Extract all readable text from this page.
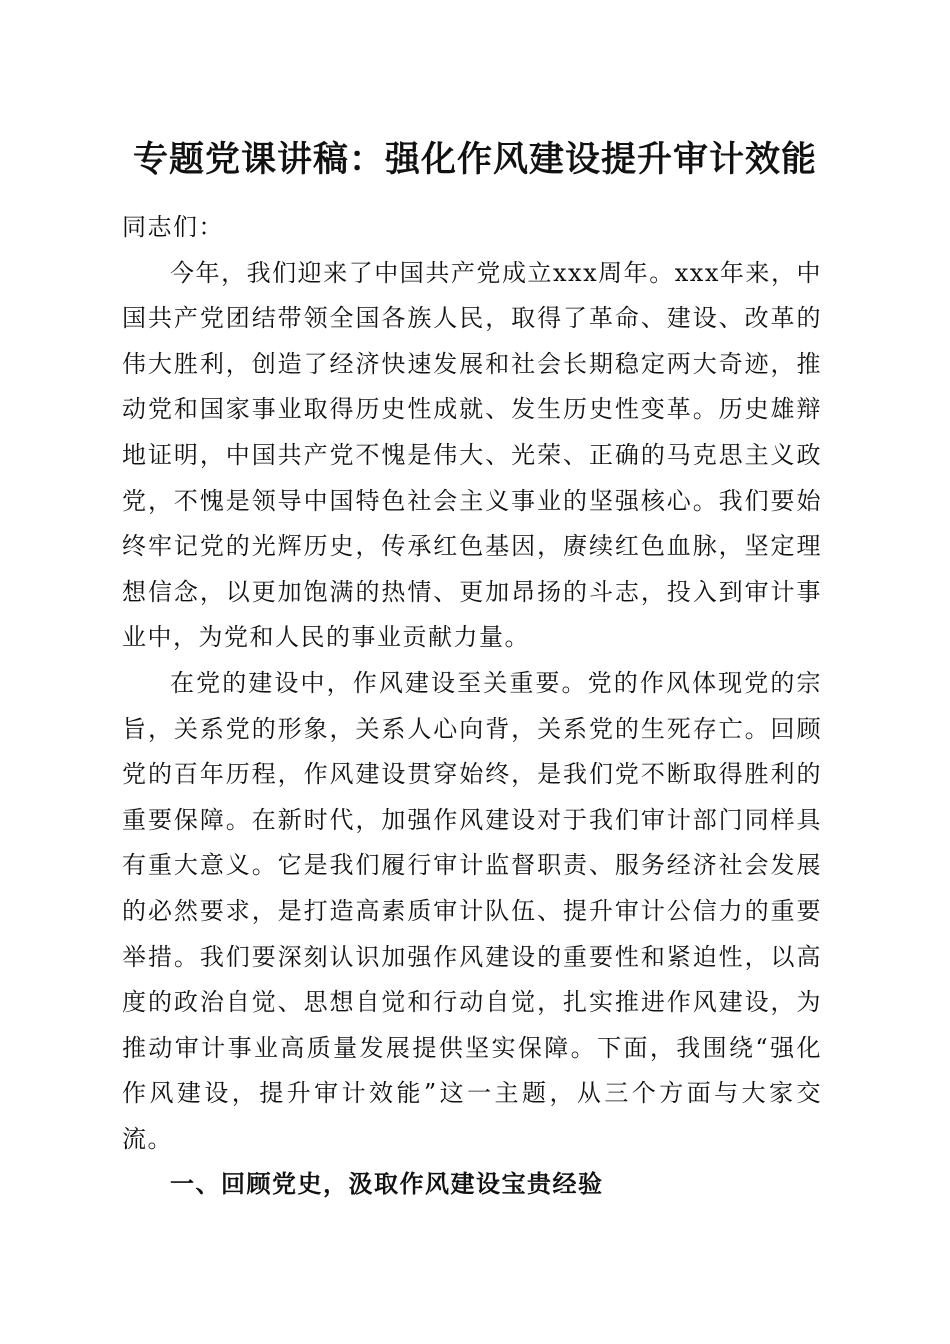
专题党课讲稿：强化作风建设提升审计效能

同志们：

今年，我们迎来了中国共产党成立xxx周年。xxx年来，中国共产党团结带领全国各族人民，取得了革命、建设、改革的伟大胜利，创造了经济快速发展和社会长期稳定两大奇迹，推动党和国家事业取得历史性成就、发生历史性变革。历史雄辩地证明，中国共产党不愧是伟大、光荣、正确的马克思主义政党，不愧是领导中国特色社会主义事业的坚强核心。我们要始终牢记党的光辉历史，传承红色基因，赓续红色血脉，坚定理想信念，以更加饱满的热情、更加昂扬的斗志，投入到审计事业中，为党和人民的事业贡献力量。

在党的建设中，作风建设至关重要。党的作风体现党的宗旨，关系党的形象，关系人心向背，关系党的生死存亡。回顾党的百年历程，作风建设贯穿始终，是我们党不断取得胜利的重要保障。在新时代，加强作风建设对于我们审计部门同样具有重大意义。它是我们履行审计监督职责、服务经济社会发展的必然要求，是打造高素质审计队伍、提升审计公信力的重要举措。我们要深刻认识加强作风建设的重要性和紧迫性，以高度的政治自觉、思想自觉和行动自觉，扎实推进作风建设，为推动审计事业高质量发展提供坚实保障。下面，我围绕“强化作风建设，提升审计效能”这一主题，从三个方面与大家交流。

一、回顾党史，汲取作风建设宝贵经验
